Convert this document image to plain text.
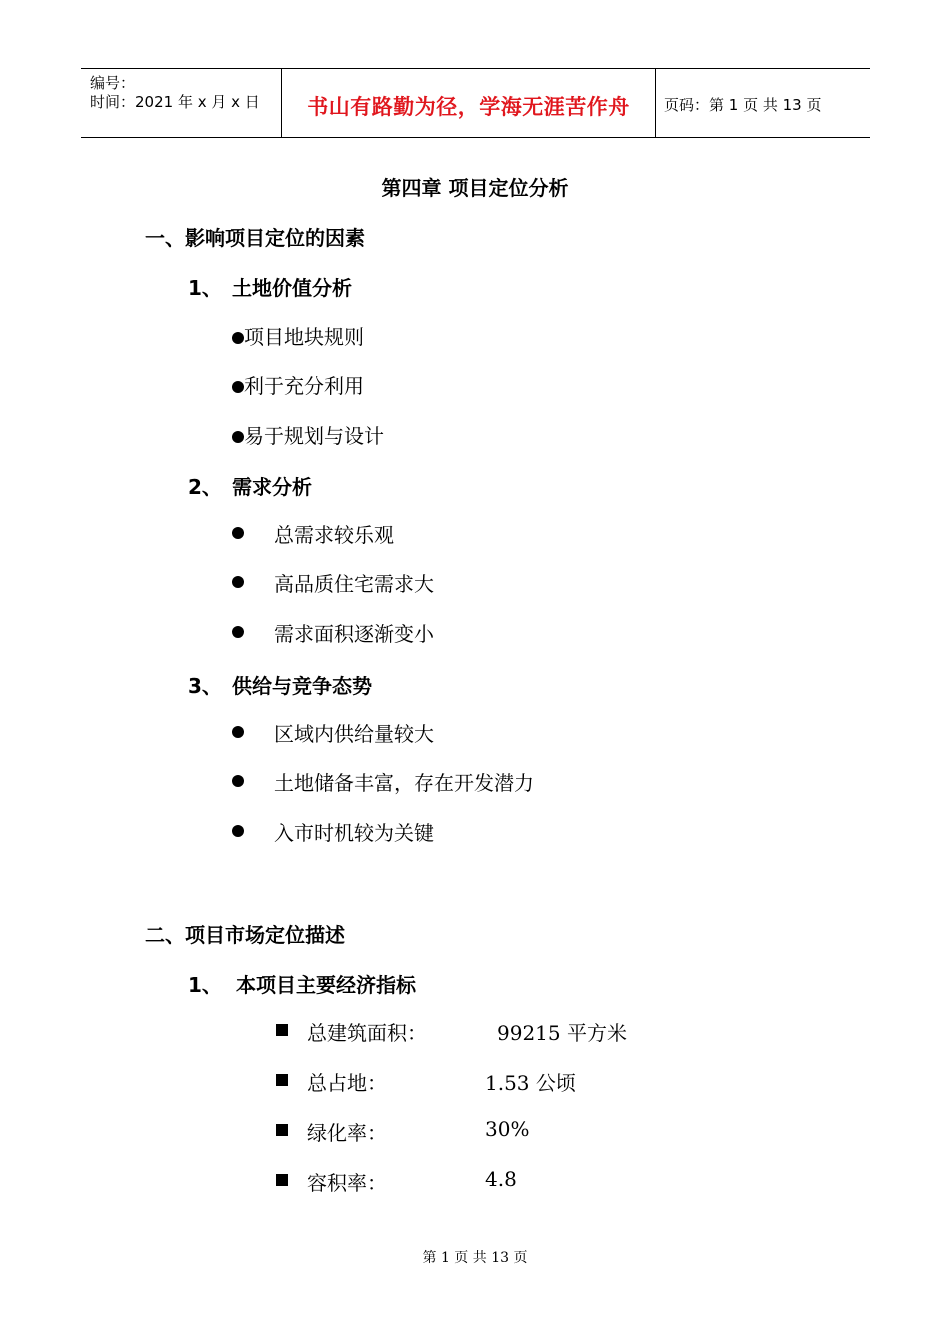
编号：
时间：2021 年 x 月 x 日	书山有路勤为径，学海无涯苦作舟	页码：第 1 页 共 13 页
第四章 项目定位分析
一、影响项目定位的因素
1、 土地价值分析
项目地块规则
利于充分利用
易于规划与设计
2、 需求分析
总需求较乐观
高品质住宅需求大
需求面积逐渐变小
3、 供给与竞争态势
区域内供给量较大
土地储备丰富，存在开发潜力
入市时机较为关键
二、项目市场定位描述
1、 本项目主要经济指标
总建筑面积：	99215 平方米
总占地：	1.53 公顷
绿化率：	30%
容积率：	4.8
第 1 页 共 13 页
